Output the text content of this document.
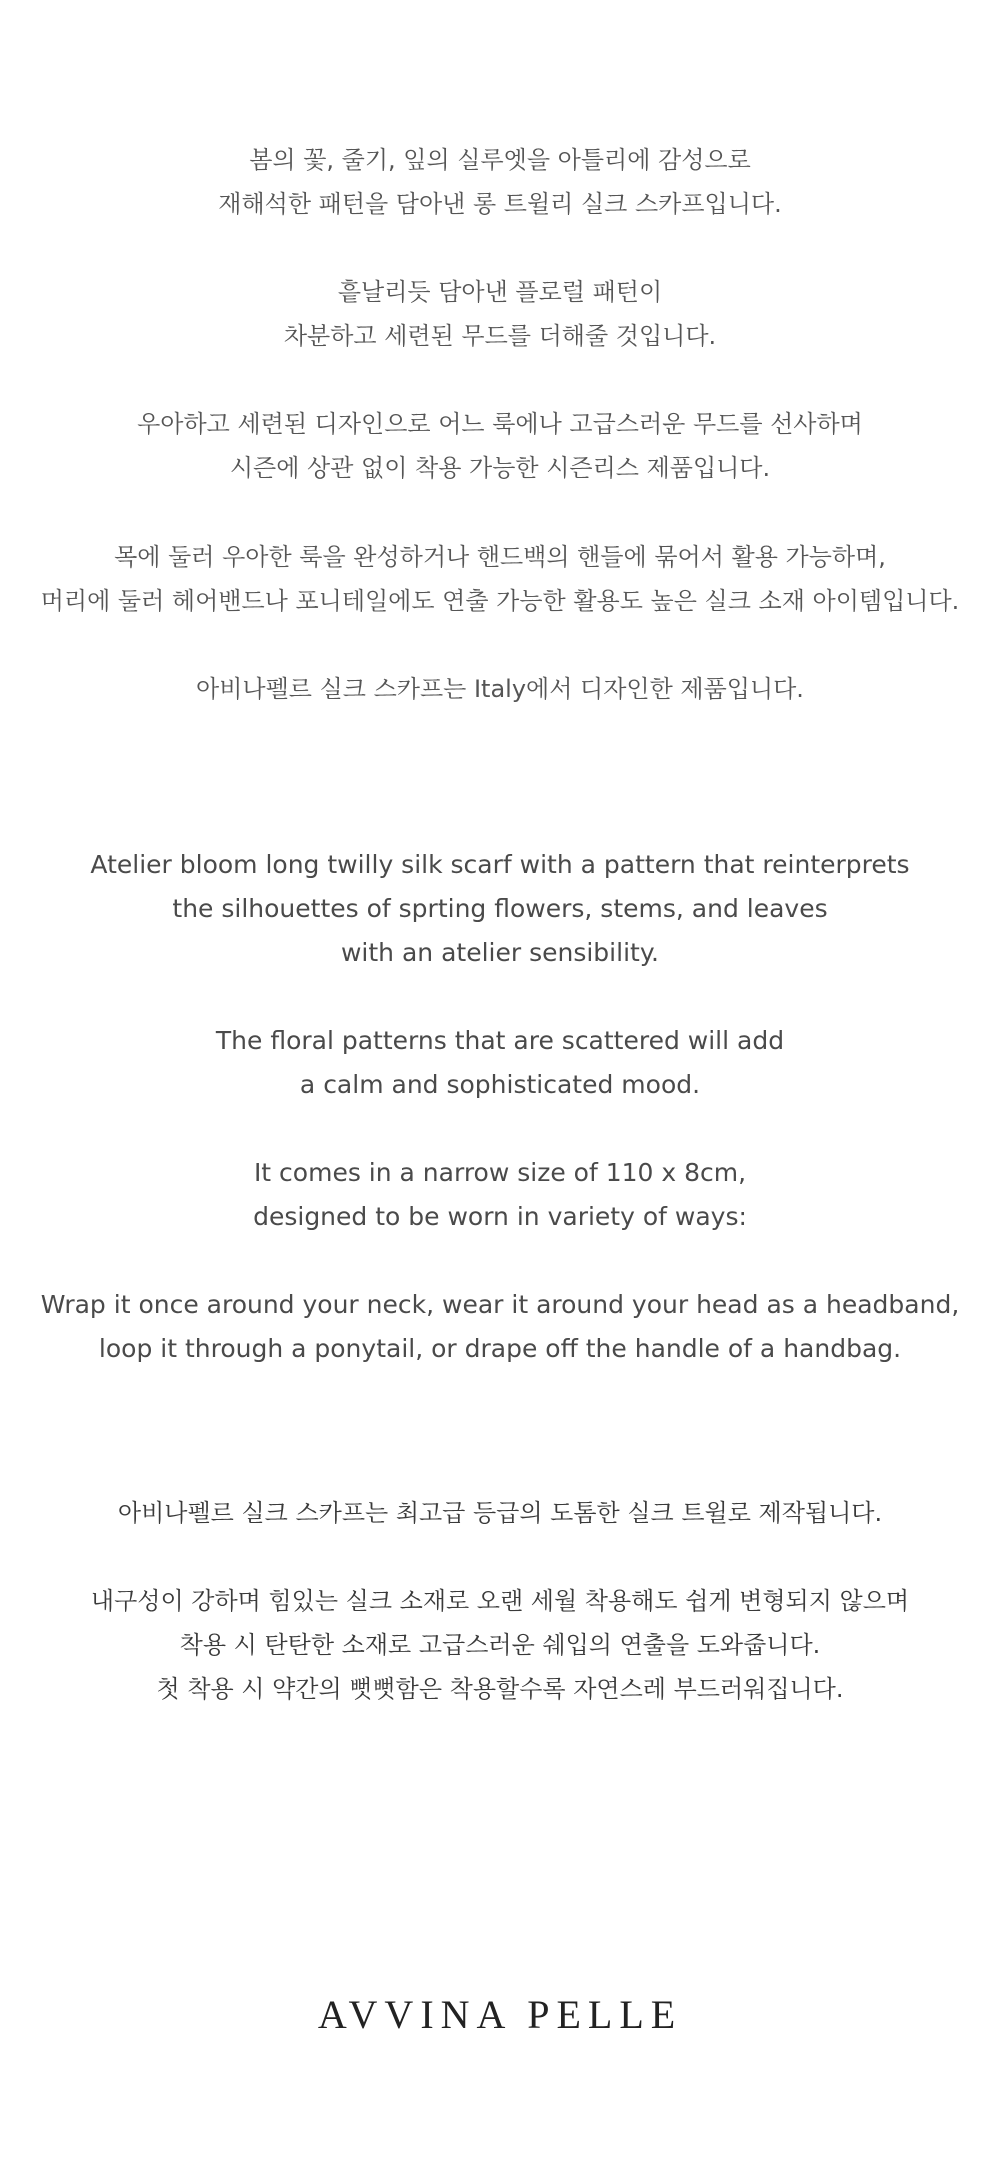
봄의 꽃, 줄기, 잎의 실루엣을 아틀리에 감성으로
재해석한 패턴을 담아낸 롱 트윌리 실크 스카프입니다.
흩날리듯 담아낸 플로럴 패턴이
차분하고 세련된 무드를 더해줄 것입니다.
우아하고 세련된 디자인으로 어느 룩에나 고급스러운 무드를 선사하며
시즌에 상관 없이 착용 가능한 시즌리스 제품입니다.
목에 둘러 우아한 룩을 완성하거나 핸드백의 핸들에 묶어서 활용 가능하며,
머리에 둘러 헤어밴드나 포니테일에도 연출 가능한 활용도 높은 실크 소재 아이템입니다.
아비나펠르 실크 스카프는 Italy에서 디자인한 제품입니다.
Atelier bloom long twilly silk scarf with a pattern that reinterprets
the silhouettes of sprting flowers, stems, and leaves
with an atelier sensibility.
The floral patterns that are scattered will add
a calm and sophisticated mood.
It comes in a narrow size of 110 x 8cm,
designed to be worn in variety of ways:
Wrap it once around your neck, wear it around your head as a headband,
loop it through a ponytail, or drape off the handle of a handbag.
아비나펠르 실크 스카프는 최고급 등급의 도톰한 실크 트윌로 제작됩니다.
내구성이 강하며 힘있는 실크 소재로 오랜 세월 착용해도 쉽게 변형되지 않으며
착용 시 탄탄한 소재로 고급스러운 쉐입의 연출을 도와줍니다.
첫 착용 시 약간의 뻣뻣함은 착용할수록 자연스레 부드러워집니다.
AVVINA PELLE
